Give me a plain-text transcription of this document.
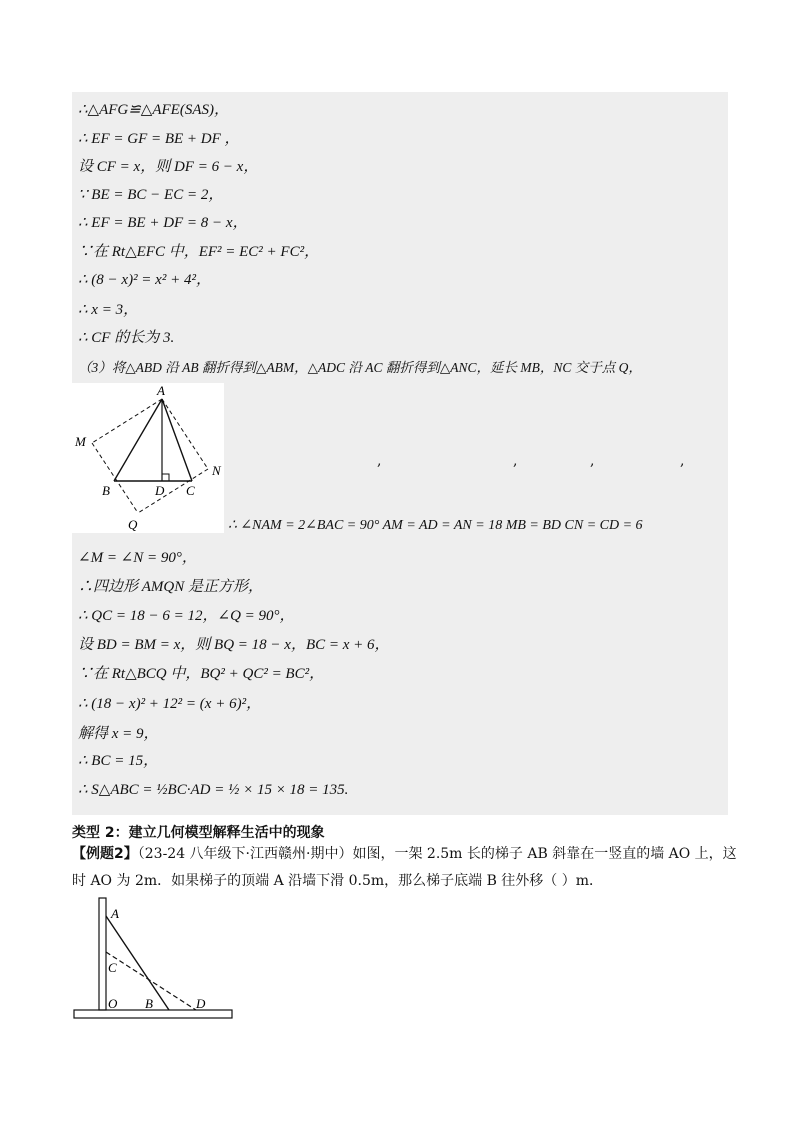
∴△AFG≌△AFE(SAS)，
∴ EF = GF = BE + DF ，
设 CF = x，则 DF = 6 − x，
∵ BE = BC − EC = 2，
∴ EF = BE + DF = 8 − x，
∵在 Rt△EFC 中，EF² = EC² + FC²，
∴ (8 − x)² = x² + 4²，
∴ x = 3，
∴ CF 的长为 3.
（3）将△ABD 沿 AB 翻折得到△ABM，△ADC 沿 AC 翻折得到△ANC，延长 MB，NC 交于点 Q，
A
M
N
B	D C
Q
,	,	,	,
∴ ∠NAM = 2∠BAC = 90° AM = AD = AN = 18 MB = BD CN = CD = 6
∠M = ∠N = 90°，
∴四边形 AMQN 是正方形，
∴ QC = 18 − 6 = 12，∠Q = 90°，
设 BD = BM = x，则 BQ = 18 − x，BC = x + 6，
∵在 Rt△BCQ 中，BQ² + QC² = BC²，
∴ (18 − x)² + 12² = (x + 6)²，
解得 x = 9，
∴ BC = 15，
∴ S△ABC = ½BC·AD = ½ × 15 × 18 = 135.
类型 2：建立几何模型解释生活中的现象
【例题2】（23-24 八年级下·江西赣州·期中）如图，一架 2.5m 长的梯子 AB 斜靠在一竖直的墙 AO 上，这
时 AO 为 2m．如果梯子的顶端 A 沿墙下滑 0.5m，那么梯子底端 B 往外移（ ）m．
A
C
O B	D
